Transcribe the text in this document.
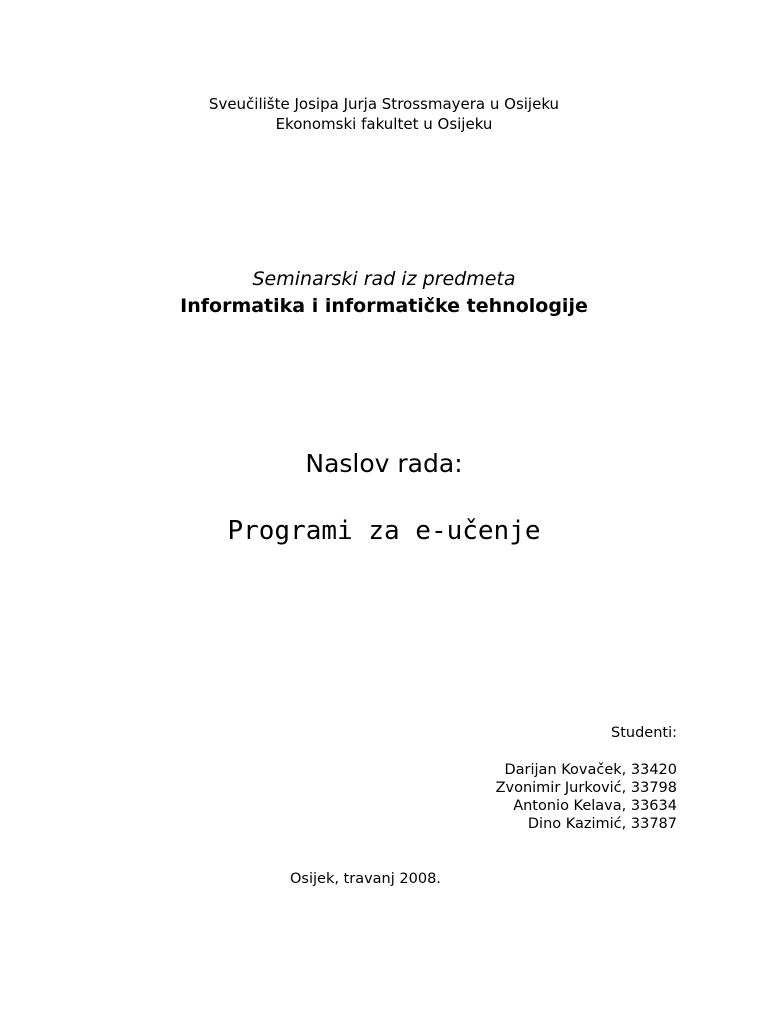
Sveučilište Josipa Jurja Strossmayera u Osijeku
Ekonomski fakultet u Osijeku
Seminarski rad iz predmeta
Informatika i informatičke tehnologije
Naslov rada:
Programi za e-učenje
Studenti:
Darijan Kovaček, 33420
Zvonimir Jurković, 33798
Antonio Kelava, 33634
Dino Kazimić, 33787
Osijek, travanj 2008.
